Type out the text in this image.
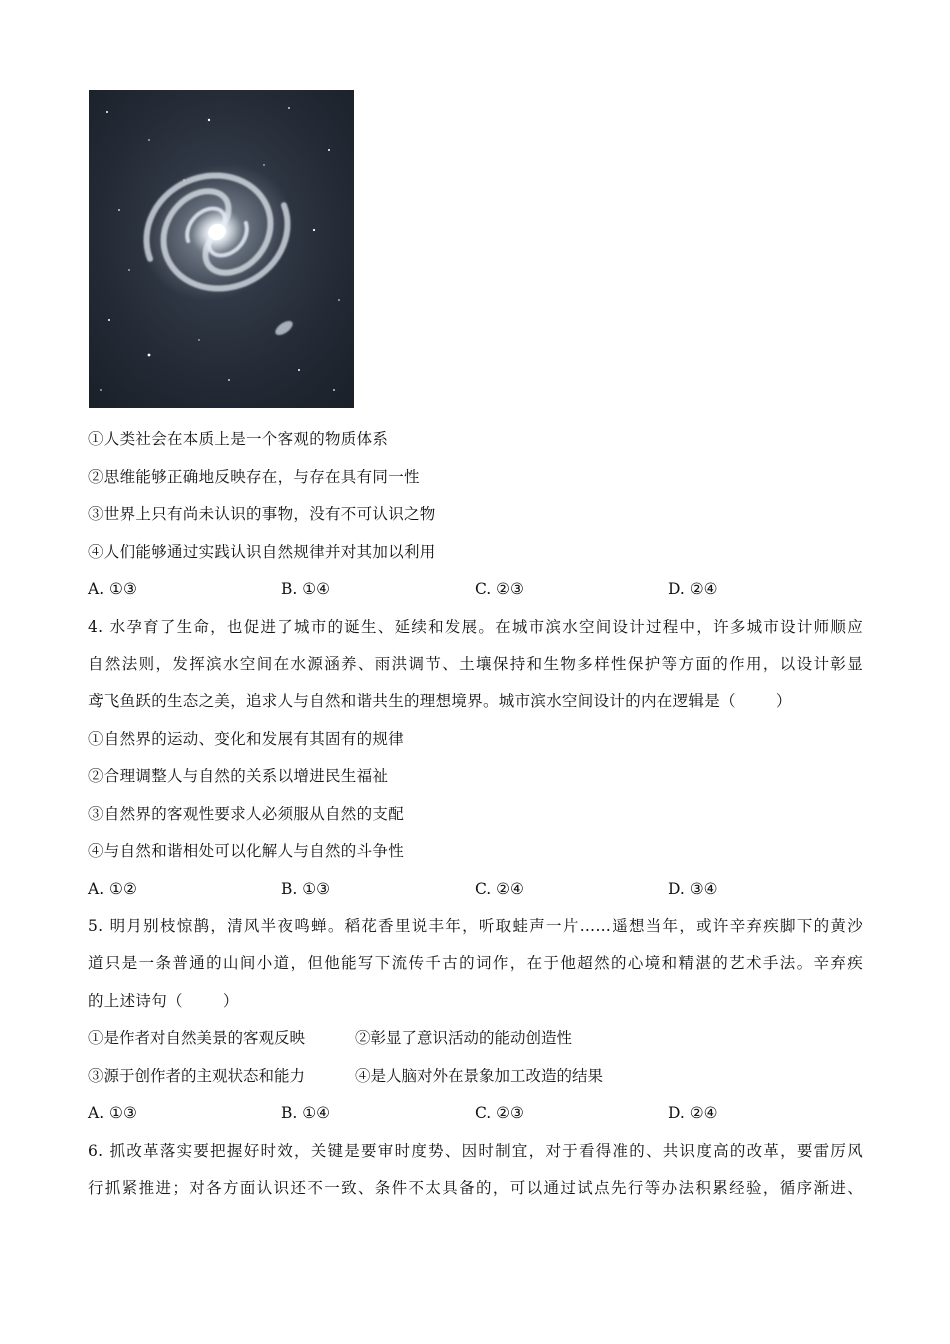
①人类社会在本质上是一个客观的物质体系
②思维能够正确地反映存在，与存在具有同一性
③世界上只有尚未认识的事物，没有不可认识之物
④人们能够通过实践认识自然规律并对其加以利用
A. ①③	B. ①④	C. ②③	D. ②④
4. 水孕育了生命，也促进了城市的诞生、延续和发展。在城市滨水空间设计过程中，许多城市设计师顺应
自然法则，发挥滨水空间在水源涵养、雨洪调节、土壤保持和生物多样性保护等方面的作用，以设计彰显
鸢飞鱼跃的生态之美，追求人与自然和谐共生的理想境界。城市滨水空间设计的内在逻辑是（	）
①自然界的运动、变化和发展有其固有的规律
②合理调整人与自然的关系以增进民生福祉
③自然界的客观性要求人必须服从自然的支配
④与自然和谐相处可以化解人与自然的斗争性
A. ①②	B. ①③	C. ②④	D. ③④
5. 明月别枝惊鹊，清风半夜鸣蝉。稻花香里说丰年，听取蛙声一片……遥想当年，或许辛弃疾脚下的黄沙
道只是一条普通的山间小道，但他能写下流传千古的词作，在于他超然的心境和精湛的艺术手法。辛弃疾
的上述诗句（	）
①是作者对自然美景的客观反映	②彰显了意识活动的能动创造性
③源于创作者的主观状态和能力	④是人脑对外在景象加工改造的结果
A. ①③	B. ①④	C. ②③	D. ②④
6. 抓改革落实要把握好时效，关键是要审时度势、因时制宜，对于看得准的、共识度高的改革，要雷厉风
行抓紧推进；对各方面认识还不一致、条件不太具备的，可以通过试点先行等办法积累经验，循序渐进、
